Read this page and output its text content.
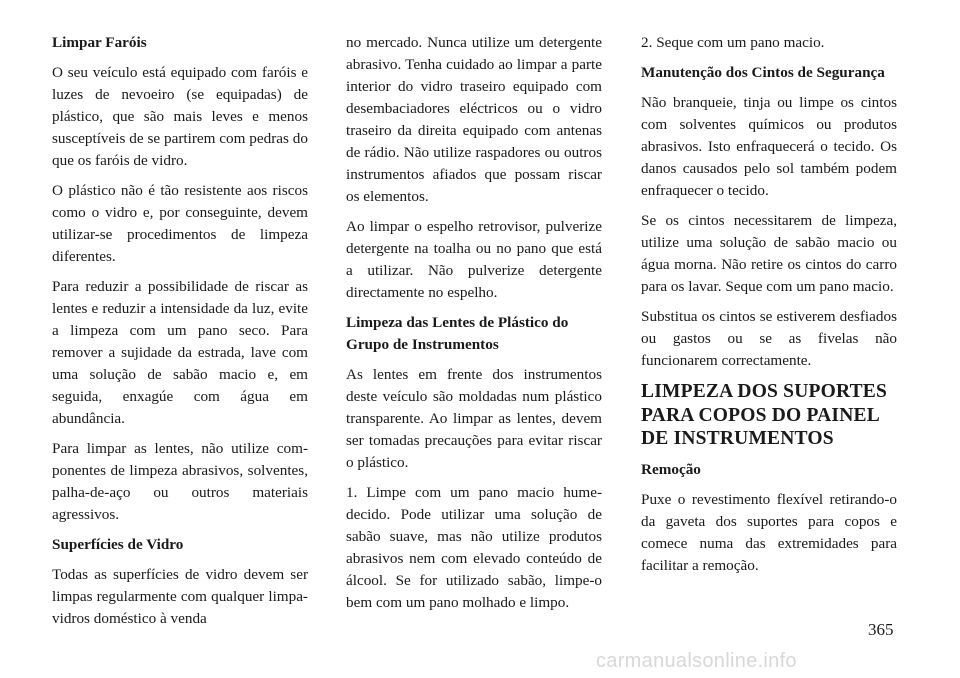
Limpar Faróis

O seu veículo está equipado com faróis e luzes de nevoeiro (se equipadas) de plástico, que são mais leves e menos susceptíveis de se partirem com pedras do que os faróis de vidro.

O plástico não é tão resistente aos riscos como o vidro e, por conseguinte, devem utilizar-se procedimentos de limpeza diferentes.

Para reduzir a possibilidade de riscar as lentes e reduzir a intensidade da luz, evite a limpeza com um pano seco. Para remover a sujidade da estrada, lave com uma solução de sabão macio e, em seguida, enxagúe com água em abundância.

Para limpar as lentes, não utilize componentes de limpeza abrasivos, solventes, palha-de-aço ou outros materiais agressivos.

Superfícies de Vidro

Todas as superfícies de vidro devem ser limpas regularmente com qualquer limpa-vidros doméstico à venda

no mercado. Nunca utilize um detergente abrasivo. Tenha cuidado ao limpar a parte interior do vidro traseiro equipado com desembaciadores eléctricos ou o vidro traseiro da direita equipado com antenas de rádio. Não utilize raspadores ou outros instrumentos afiados que possam riscar os elementos.

Ao limpar o espelho retrovisor, pulverize detergente na toalha ou no pano que está a utilizar. Não pulverize detergente directamente no espelho.

Limpeza das Lentes de Plástico do Grupo de Instrumentos

As lentes em frente dos instrumentos deste veículo são moldadas num plástico transparente. Ao limpar as lentes, devem ser tomadas precauções para evitar riscar o plástico.

1. Limpe com um pano macio humedecido. Pode utilizar uma solução de sabão suave, mas não utilize produtos abrasivos nem com elevado conteúdo de álcool. Se for utilizado sabão, limpe-o bem com um pano molhado e limpo.

2. Seque com um pano macio.

Manutenção dos Cintos de Segurança

Não branqueie, tinja ou limpe os cintos com solventes químicos ou produtos abrasivos. Isto enfraquecerá o tecido. Os danos causados pelo sol também podem enfraquecer o tecido.

Se os cintos necessitarem de limpeza, utilize uma solução de sabão macio ou água morna. Não retire os cintos do carro para os lavar. Seque com um pano macio.

Substitua os cintos se estiverem desfiados ou gastos ou se as fivelas não funcionarem correctamente.

LIMPEZA DOS SUPORTES PARA COPOS DO PAINEL DE INSTRUMENTOS
Remoção

Puxe o revestimento flexível retirando-o da gaveta dos suportes para copos e comece numa das extremidades para facilitar a remoção.

365
carmanualsonline.info
